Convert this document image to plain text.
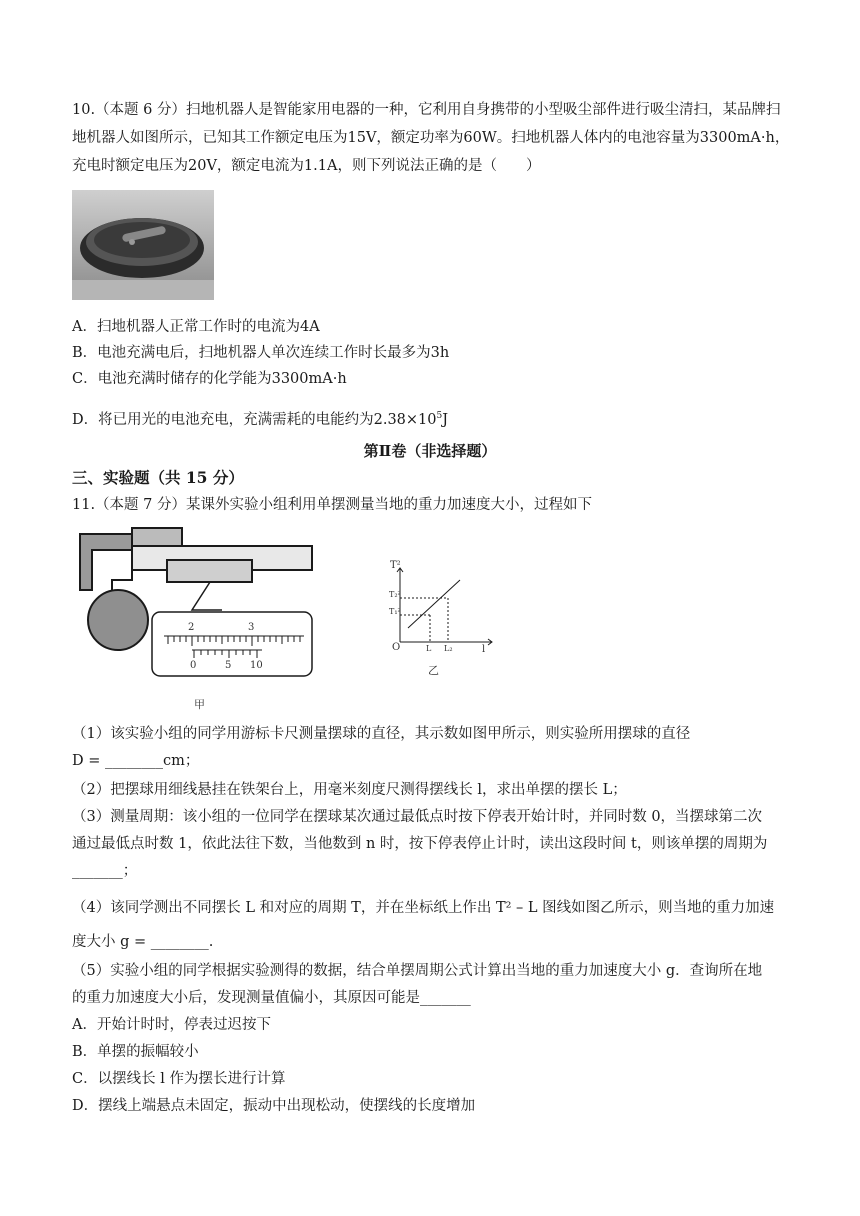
10.（本题 6 分）扫地机器人是智能家用电器的一种，它利用自身携带的小型吸尘部件进行吸尘清扫，某品牌扫地机器人如图所示，已知其工作额定电压为15V，额定功率为60W。扫地机器人体内的电池容量为3300mA·h，充电时额定电压为20V，额定电流为1.1A，则下列说法正确的是（　　）
A．扫地机器人正常工作时的电流为4A
B．电池充满电后，扫地机器人单次连续工作时长最多为3h
C．电池充满时储存的化学能为3300mA·h
D．将已用光的电池充电，充满需耗的电能约为$2.38\times 10^5J$
第Ⅱ卷（非选择题）
三、实验题（共 15 分）
11.（本题 7 分）某课外实验小组利用单摆测量当地的重力加速度大小，过程如下
2	3
0	5 10
甲
T²
T₂²
T₁²
O	L L₂	l
乙
（1）该实验小组的同学用游标卡尺测量摆球的直径，其示数如图甲所示，则实验所用摆球的直径
D = ________cm；
（2）把摆球用细线悬挂在铁架台上，用毫米刻度尺测得摆线长 l，求出单摆的摆长 L；
（3）测量周期：该小组的一位同学在摆球某次通过最低点时按下停表开始计时，并同时数 0，当摆球第二次
通过最低点时数 1，依此法往下数，当他数到 n 时，按下停表停止计时，读出这段时间 t，则该单摆的周期为
_______；
（4）该同学测出不同摆长 L 和对应的周期 T，并在坐标纸上作出 T² – L 图线如图乙所示，则当地的重力加速
度大小 g = ________.
（5）实验小组的同学根据实验测得的数据，结合单摆周期公式计算出当地的重力加速度大小 g．查询所在地
的重力加速度大小后，发现测量值偏小，其原因可能是_______
A．开始计时时，停表过迟按下
B．单摆的振幅较小
C．以摆线长 l 作为摆长进行计算
D．摆线上端悬点未固定，振动中出现松动，使摆线的长度增加
